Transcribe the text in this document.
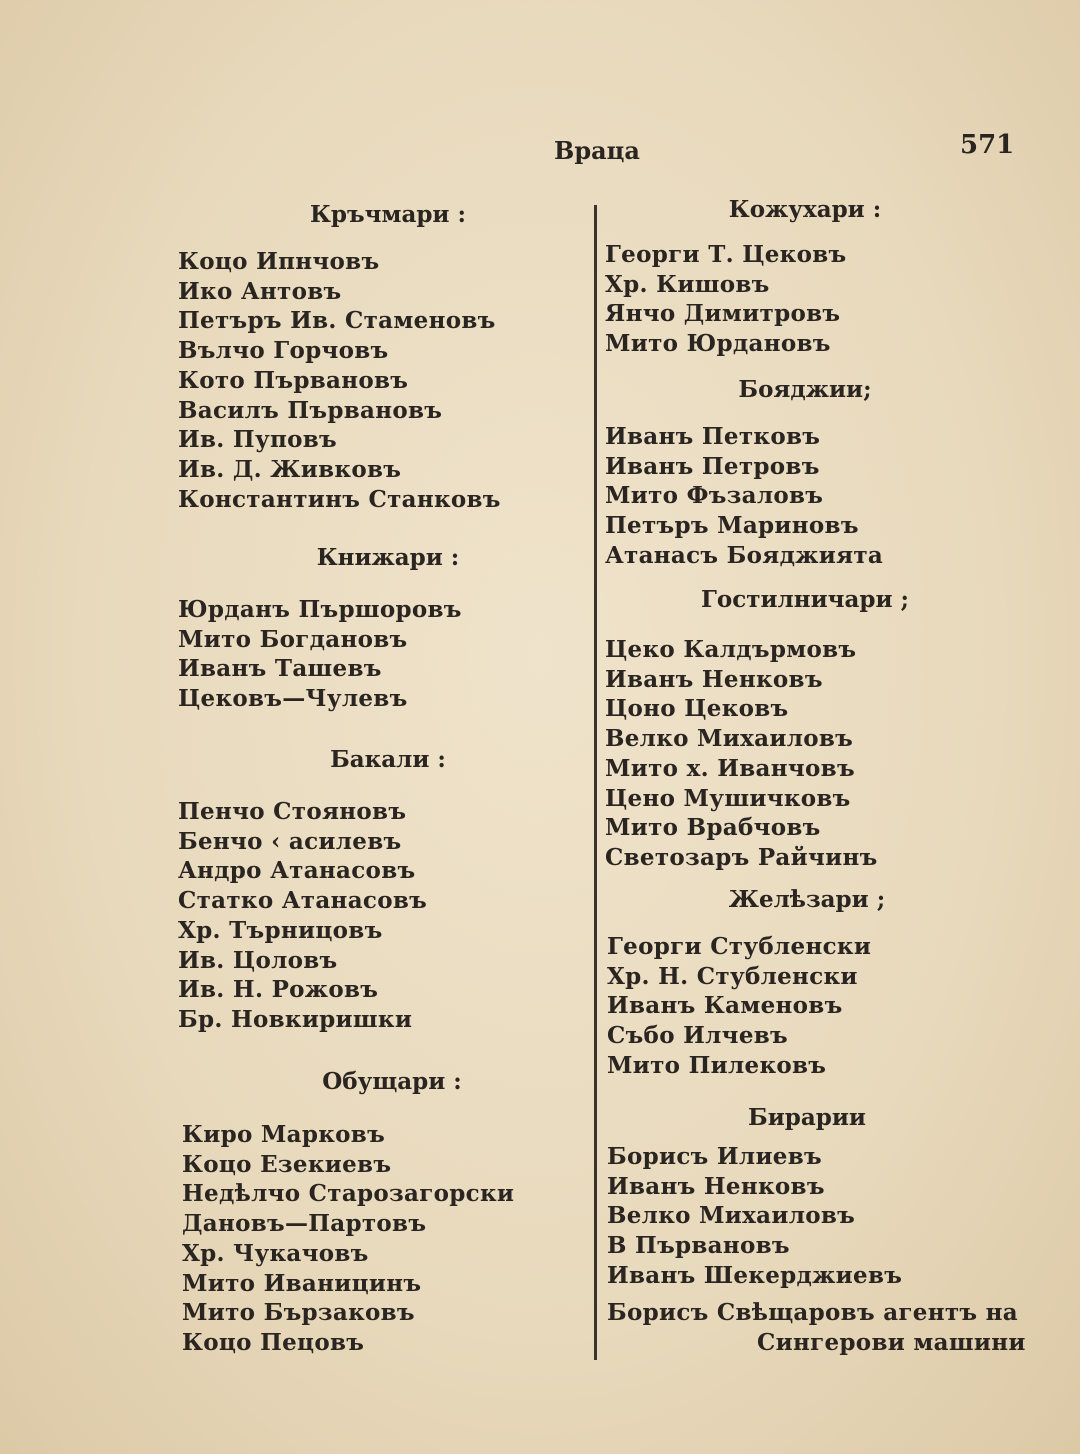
Врацa	571
Кръчмари :
Коцо Ипнчовъ
Ико Антовъ
Петъръ Ив. Стаменовъ
Вълчо Горчовъ
Кото Първановъ
Василъ Първановъ
Ив. Пуповъ
Ив. Д. Живковъ
Константинъ Станковъ
Книжари :
Юрданъ Пършоровъ
Мито Богдановъ
Иванъ Ташевъ
Цековъ—Чулевъ
Бакали :
Пенчо Стояновъ
Бенчо ‹ асилевъ
Андро Атанасовъ
Статко Атанасовъ
Хр. Търницовъ
Ив. Цоловъ
Ив. Н. Рожовъ
Бр. Новкиришки
Обущари :
Киро Марковъ
Коцо Езекиевъ
Недѣлчо Старозагорски
Дановъ—Партовъ
Хр. Чукачовъ
Мито Иваницинъ
Мито Бързаковъ
Коцо Пецовъ
Кожухари :
Георги Т. Цековъ
Хр. Кишовъ
Янчо Димитровъ
Мито Юрдановъ
Бояджии;
Иванъ Петковъ
Иванъ Петровъ
Мито Фъзаловъ
Петъръ Мариновъ
Атанасъ Бояджията
Гостилничари ;
Цеко Калдърмовъ
Иванъ Ненковъ
Цоно Цековъ
Велко Михаиловъ
Мито х. Иванчовъ
Цено Мушичковъ
Мито Врабчовъ
Светозаръ Райчинъ
Желѣзари ;
Георги Стубленски
Хр. Н. Стубленски
Иванъ Каменовъ
Събо Илчевъ
Мито Пилековъ
Бирарии
Борисъ Илиевъ
Иванъ Ненковъ
Велко Михаиловъ
В Първановъ
Иванъ Шекерджиевъ
Борисъ Свѣщаровъ агентъ на
Сингерови машини
